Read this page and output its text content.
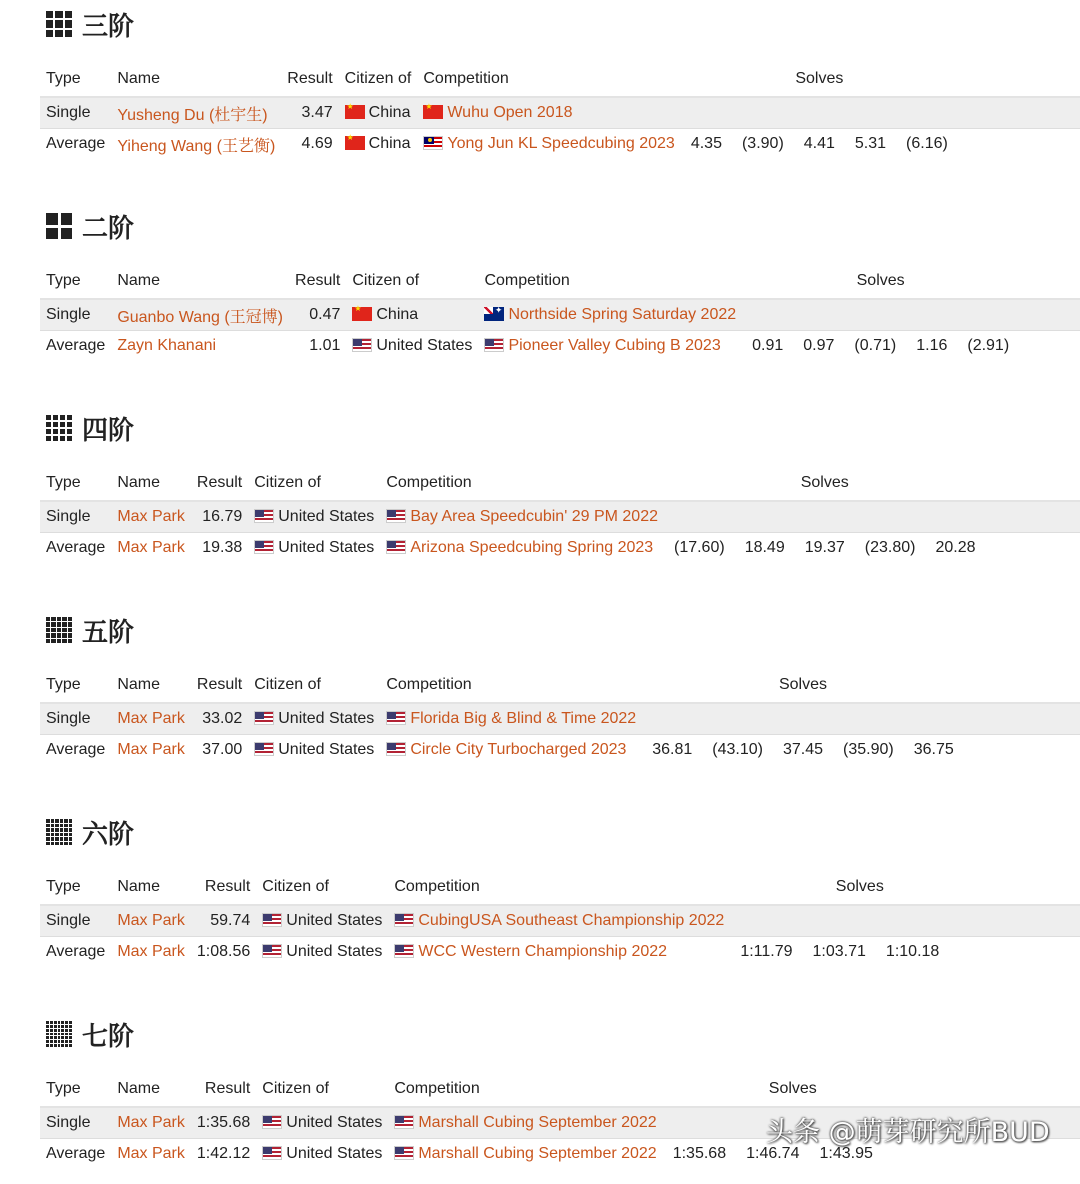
三阶
Type	Name	Result	Citizen of	Competition	Solves					
Single	Yusheng Du (杜宇生)	3.47	★China	★Wuhu Open 2018						
Average	Yiheng Wang (王艺衡)	4.69	★China	Yong Jun KL Speedcubing 2023	4.35	(3.90)	4.41	5.31	(6.16)	
二阶
Type	Name	Result	Citizen of	Competition	Solves					
Single	Guanbo Wang (王冠博)	0.47	★China	✦Northside Spring Saturday 2022						
Average	Zayn Khanani	1.01	United States	Pioneer Valley Cubing B 2023	0.91	0.97	(0.71)	1.16	(2.91)	
四阶
Type	Name	Result	Citizen of	Competition	Solves					
Single	Max Park	16.79	United States	Bay Area Speedcubin' 29 PM 2022						
Average	Max Park	19.38	United States	Arizona Speedcubing Spring 2023	(17.60)	18.49	19.37	(23.80)	20.28	
五阶
Type	Name	Result	Citizen of	Competition	Solves					
Single	Max Park	33.02	United States	Florida Big & Blind & Time 2022						
Average	Max Park	37.00	United States	Circle City Turbocharged 2023	36.81	(43.10)	37.45	(35.90)	36.75	
六阶
Type	Name	Result	Citizen of	Competition	Solves					
Single	Max Park	59.74	United States	CubingUSA Southeast Championship 2022						
Average	Max Park	1:08.56	United States	WCC Western Championship 2022	1:11.79	1:03.71	1:10.18			
七阶
Type	Name	Result	Citizen of	Competition	Solves					
Single	Max Park	1:35.68	United States	Marshall Cubing September 2022						
Average	Max Park	1:42.12	United States	Marshall Cubing September 2022	1:35.68	1:46.74	1:43.95			
头条 @萌芽研究所BUD
